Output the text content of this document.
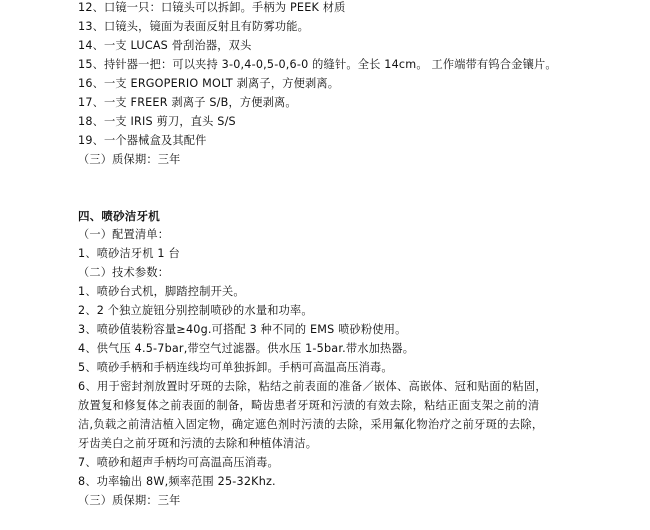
12、口镜一只：口镜头可以拆卸。手柄为 PEEK 材质
13、口镜头，镜面为表面反射且有防雾功能。
14、一支 LUCAS 骨刮治器，双头
15、持针器一把：可以夹持 3-0,4-0,5-0,6-0 的缝针。全长 14cm。 工作端带有钨合金镶片。
16、一支 ERGOPERIO MOLT 剥离子，方便剥离。
17、一支 FREER 剥离子 S/B，方便剥离。
18、一支 IRIS 剪刀，直头 S/S
19、一个器械盒及其配件
（三）质保期：三年
四、喷砂洁牙机
（一）配置清单：
1、喷砂洁牙机 1 台
（二）技术参数：
1、喷砂台式机，脚踏控制开关。
2、2 个独立旋钮分别控制喷砂的水量和功率。
3、喷砂值装粉容量≥40g.可搭配 3 种不同的 EMS 喷砂粉使用。
4、供气压 4.5-7bar,带空气过滤器。供水压 1-5bar.带水加热器。
5、喷砂手柄和手柄连线均可单独拆卸。手柄可高温高压消毒。
6、用于密封剂放置时牙斑的去除，粘结之前表面的准备／嵌体、高嵌体、冠和贴面的粘固，
放置复和修复体之前表面的制备，畸齿患者牙斑和污渍的有效去除，粘结正面支架之前的清
洁,负载之前清洁植入固定物，确定遮色剂时污渍的去除，采用氟化物治疗之前牙斑的去除，
牙齿美白之前牙斑和污渍的去除和种植体清洁。
7、喷砂和超声手柄均可高温高压消毒。
8、功率输出 8W,频率范围 25-32Khz.
（三）质保期：三年
